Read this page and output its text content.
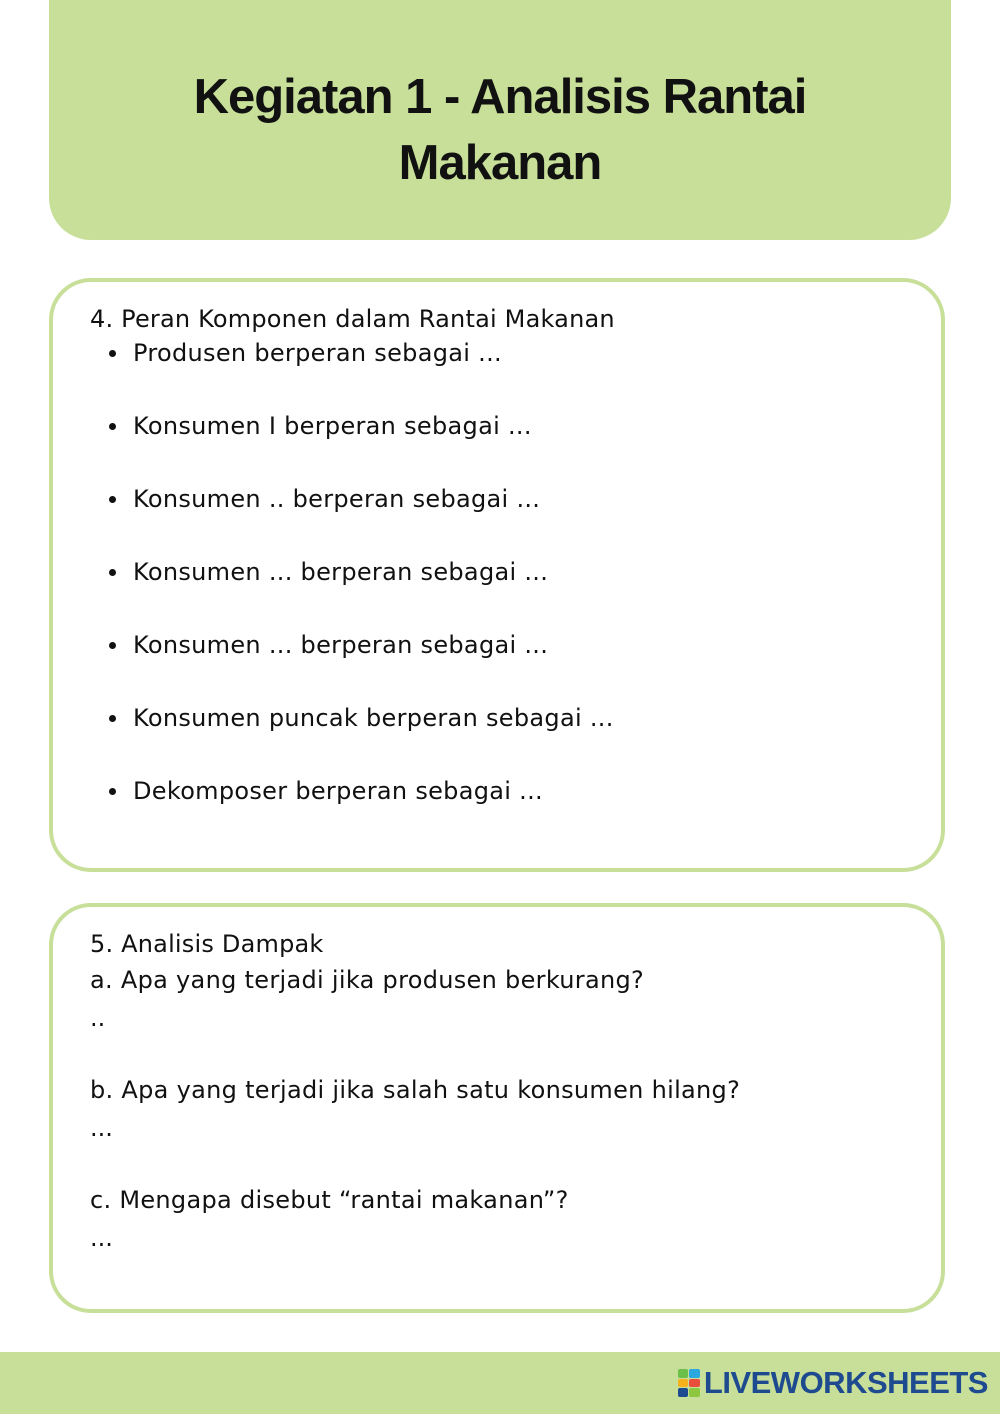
Kegiatan 1 - Analisis Rantai
Makanan
4. Peran Komponen dalam Rantai Makanan
Produsen berperan sebagai ...
Konsumen I berperan sebagai ...
Konsumen .. berperan sebagai ...
Konsumen ... berperan sebagai ...
Konsumen ... berperan sebagai ...
Konsumen puncak berperan sebagai ...
Dekomposer berperan sebagai ...
5. Analisis Dampak
a. Apa yang terjadi jika produsen berkurang?
..
b. Apa yang terjadi jika salah satu konsumen hilang?
...
c. Mengapa disebut “rantai makanan”?
...
LIVEWORKSHEETS
